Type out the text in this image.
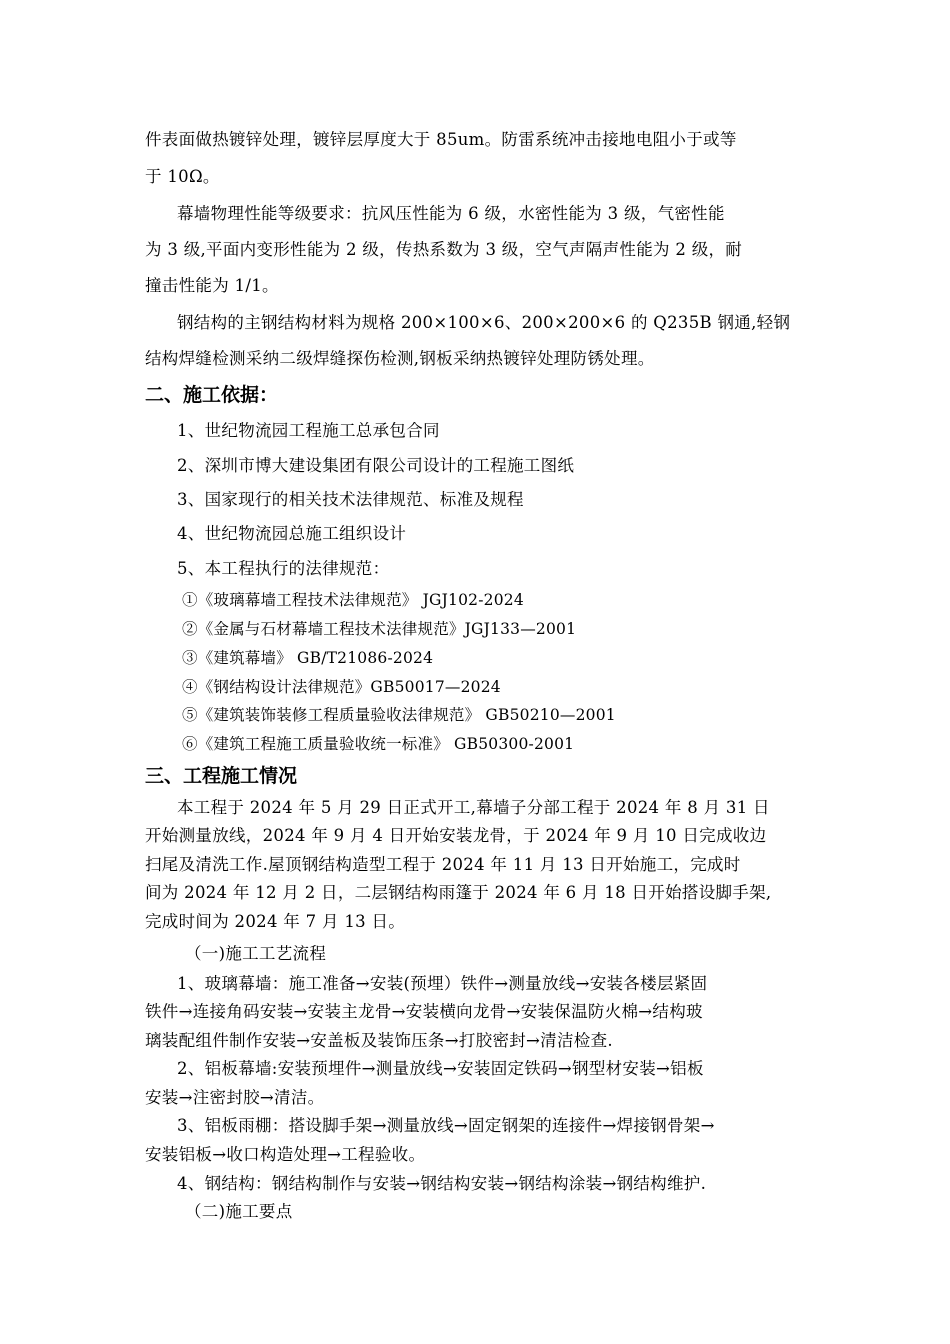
件表面做热镀锌处理，镀锌层厚度大于 85um。防雷系统冲击接地电阻小于或等
于 10Ω。
幕墙物理性能等级要求：抗风压性能为 6 级，水密性能为 3 级，气密性能
为 3 级,平面内变形性能为 2 级，传热系数为 3 级，空气声隔声性能为 2 级，耐
撞击性能为 1/1。
钢结构的主钢结构材料为规格 200×100×6、200×200×6 的 Q235B 钢通,轻钢
结构焊缝检测采纳二级焊缝探伤检测,钢板采纳热镀锌处理防锈处理。
二、施工依据：
1、世纪物流园工程施工总承包合同
2、深圳市博大建设集团有限公司设计的工程施工图纸
3、国家现行的相关技术法律规范、标准及规程
4、世纪物流园总施工组织设计
5、本工程执行的法律规范：
①《玻璃幕墙工程技术法律规范》 JGJ102-2024
②《金属与石材幕墙工程技术法律规范》JGJ133—2001
③《建筑幕墙》 GB/T21086-2024
④《钢结构设计法律规范》GB50017—2024
⑤《建筑装饰装修工程质量验收法律规范》 GB50210—2001
⑥《建筑工程施工质量验收统一标准》 GB50300-2001
三、工程施工情况
本工程于 2024 年 5 月 29 日正式开工,幕墙子分部工程于 2024 年 8 月 31 日
开始测量放线，2024 年 9 月 4 日开始安装龙骨，于 2024 年 9 月 10 日完成收边
扫尾及清洗工作.屋顶钢结构造型工程于 2024 年 11 月 13 日开始施工，完成时
间为 2024 年 12 月 2 日，二层钢结构雨篷于 2024 年 6 月 18 日开始搭设脚手架,
完成时间为 2024 年 7 月 13 日。
（一)施工工艺流程
1、玻璃幕墙：施工准备→安装(预埋）铁件→测量放线→安装各楼层紧固
铁件→连接角码安装→安装主龙骨→安装横向龙骨→安装保温防火棉→结构玻
璃装配组件制作安装→安盖板及装饰压条→打胶密封→清洁检查.
2、铝板幕墙:安装预埋件→测量放线→安装固定铁码→钢型材安装→铝板
安装→注密封胶→清洁。
3、铝板雨棚：搭设脚手架→测量放线→固定钢架的连接件→焊接钢骨架→
安装铝板→收口构造处理→工程验收。
4、钢结构：钢结构制作与安装→钢结构安装→钢结构涂装→钢结构维护.
（二)施工要点
